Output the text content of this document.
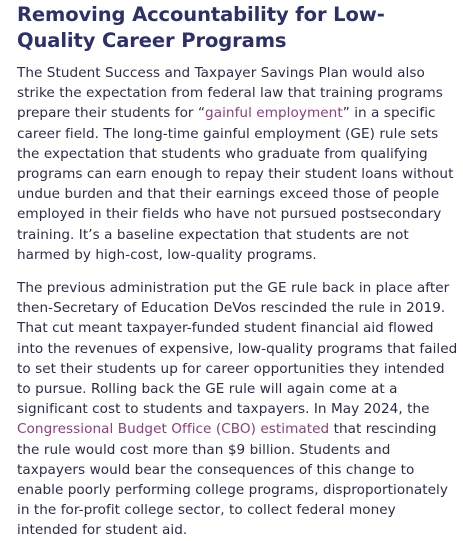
Removing Accountability for Low-Quality Career Programs

The Student Success and Taxpayer Savings Plan would also strike the expectation from federal law that training programs prepare their students for “gainful employment” in a specific career field. The long-time gainful employment (GE) rule sets the expectation that students who graduate from qualifying programs can earn enough to repay their student loans without undue burden and that their earnings exceed those of people employed in their fields who have not pursued postsecondary training. It’s a baseline expectation that students are not harmed by high-cost, low-quality programs.

The previous administration put the GE rule back in place after then-Secretary of Education DeVos rescinded the rule in 2019. That cut meant taxpayer-funded student financial aid flowed into the revenues of expensive, low-quality programs that failed to set their students up for career opportunities they intended to pursue. Rolling back the GE rule will again come at a significant cost to students and taxpayers. In May 2024, the Congressional Budget Office (CBO) estimated that rescinding the rule would cost more than $9 billion. Students and taxpayers would bear the consequences of this change to enable poorly performing college programs, disproportionately in the for-profit college sector, to collect federal money intended for student aid.
